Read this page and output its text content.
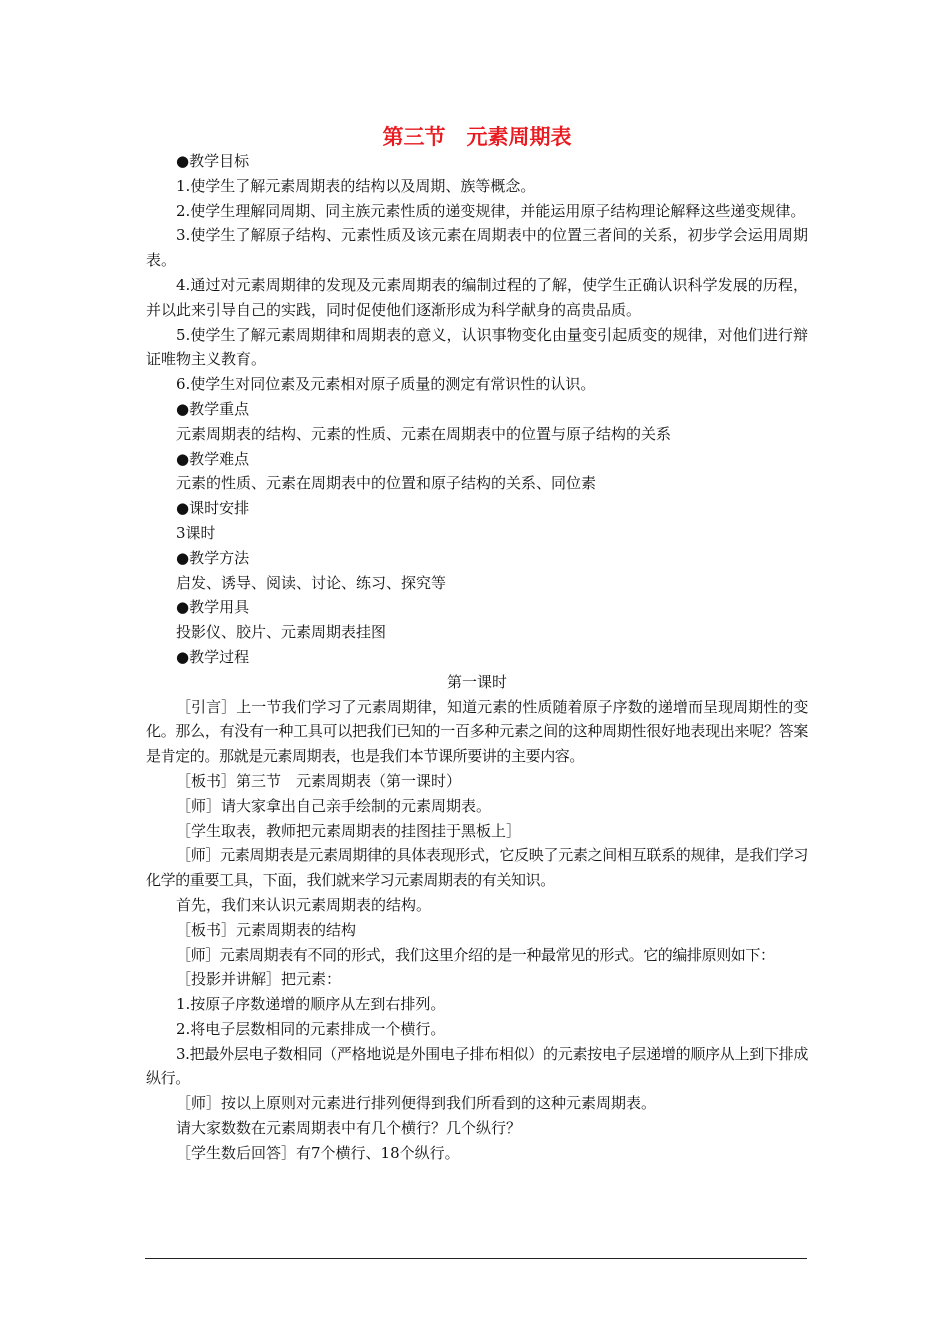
第三节　元素周期表

●教学目标

1.使学生了解元素周期表的结构以及周期、族等概念。

2.使学生理解同周期、同主族元素性质的递变规律，并能运用原子结构理论解释这些递变规律。

3.使学生了解原子结构、元素性质及该元素在周期表中的位置三者间的关系，初步学会运用周期表。

4.通过对元素周期律的发现及元素周期表的编制过程的了解，使学生正确认识科学发展的历程，并以此来引导自己的实践，同时促使他们逐渐形成为科学献身的高贵品质。

5.使学生了解元素周期律和周期表的意义，认识事物变化由量变引起质变的规律，对他们进行辩证唯物主义教育。

6.使学生对同位素及元素相对原子质量的测定有常识性的认识。

●教学重点

元素周期表的结构、元素的性质、元素在周期表中的位置与原子结构的关系

●教学难点

元素的性质、元素在周期表中的位置和原子结构的关系、同位素

●课时安排

3课时

●教学方法

启发、诱导、阅读、讨论、练习、探究等

●教学用具

投影仪、胶片、元素周期表挂图

●教学过程

第一课时

［引言］上一节我们学习了元素周期律，知道元素的性质随着原子序数的递增而呈现周期性的变化。那么，有没有一种工具可以把我们已知的一百多种元素之间的这种周期性很好地表现出来呢？答案是肯定的。那就是元素周期表，也是我们本节课所要讲的主要内容。

［板书］第三节　元素周期表（第一课时）

［师］请大家拿出自己亲手绘制的元素周期表。

［学生取表，教师把元素周期表的挂图挂于黑板上］

［师］元素周期表是元素周期律的具体表现形式，它反映了元素之间相互联系的规律，是我们学习化学的重要工具，下面，我们就来学习元素周期表的有关知识。

首先，我们来认识元素周期表的结构。

［板书］元素周期表的结构

［师］元素周期表有不同的形式，我们这里介绍的是一种最常见的形式。它的编排原则如下：

［投影并讲解］把元素：

1.按原子序数递增的顺序从左到右排列。

2.将电子层数相同的元素排成一个横行。

3.把最外层电子数相同（严格地说是外围电子排布相似）的元素按电子层递增的顺序从上到下排成纵行。

［师］按以上原则对元素进行排列便得到我们所看到的这种元素周期表。

请大家数数在元素周期表中有几个横行？几个纵行？

［学生数后回答］有7个横行、18个纵行。
